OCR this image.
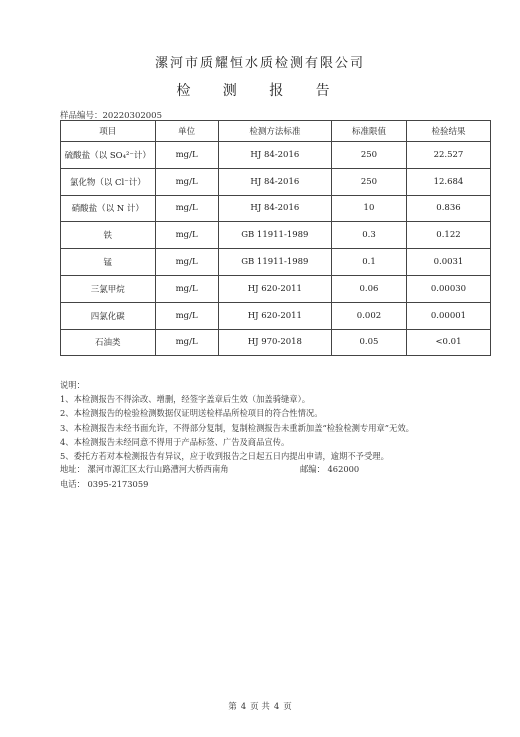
漯河市质耀恒水质检测有限公司
检 测 报 告
样品编号：20220302005
项目	单位	检测方法标准	标准限值	检验结果
硫酸盐（以 SO₄²⁻计）	mg/L	HJ 84-2016	250	22.527
氯化物（以 Cl⁻计）	mg/L	HJ 84-2016	250	12.684
硝酸盐（以 N 计）	mg/L	HJ 84-2016	10	0.836
铁	mg/L	GB 11911-1989	0.3	0.122
锰	mg/L	GB 11911-1989	0.1	0.0031
三氯甲烷	mg/L	HJ 620-2011	0.06	0.00030
四氯化碳	mg/L	HJ 620-2011	0.002	0.00001
石油类	mg/L	HJ 970-2018	0.05	<0.01
说明：
1、本检测报告不得涂改、增删，经签字盖章后生效（加盖骑缝章）。
2、本检测报告的检验检测数据仅证明送检样品所检项目的符合性情况。
3、本检测报告未经书面允许，不得部分复制，复制检测报告未重新加盖“检验检测专用章”无效。
4、本检测报告未经同意不得用于产品标签、广告及商品宣传。
5、委托方若对本检测报告有异议，应于收到报告之日起五日内提出申请，逾期不予受理。
地址： 漯河市源汇区太行山路漕河大桥西南角	邮编： 462000
电话： 0395-2173059
第 4 页 共 4 页
